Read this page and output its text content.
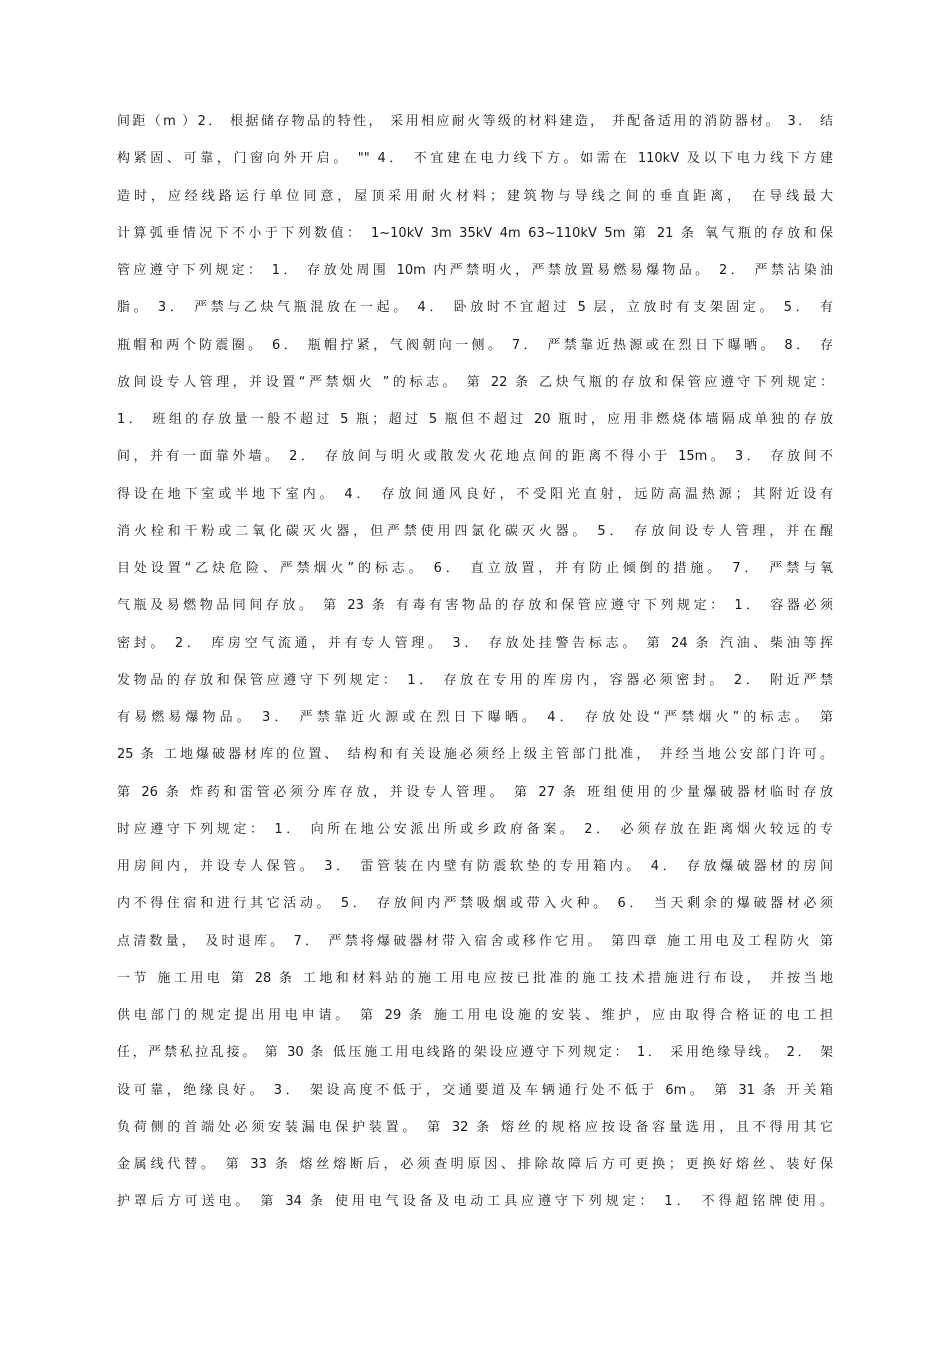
间距（m ）2． 根据储存物品的特性， 采用相应耐火等级的材料建造， 并配备适用的消防器材。 3． 结
构紧固、可靠，门窗向外开启。 "" 4． 不宜建在电力线下方。如需在 110kV 及以下电力线下方建
造时，应经线路运行单位同意，屋顶采用耐火材料；建筑物与导线之间的垂直距离， 在导线最大
计算弧垂情况下不小于下列数值： 1~10kV 3m 35kV 4m 63~110kV 5m 第 21 条 氧气瓶的存放和保
管应遵守下列规定： 1． 存放处周围 10m 内严禁明火，严禁放置易燃易爆物品。 2． 严禁沾染油
脂。 3． 严禁与乙炔气瓶混放在一起。 4． 卧放时不宜超过 5 层，立放时有支架固定。 5． 有
瓶帽和两个防震圈。 6． 瓶帽拧紧，气阀朝向一侧。 7． 严禁靠近热源或在烈日下曝晒。 8． 存
放间设专人管理，并设置“严禁烟火 ”的标志。 第 22 条 乙炔气瓶的存放和保管应遵守下列规定：
1． 班组的存放量一般不超过 5 瓶；超过 5 瓶但不超过 20 瓶时，应用非燃烧体墙隔成单独的存放
间，并有一面靠外墙。 2． 存放间与明火或散发火花地点间的距离不得小于 15m。 3． 存放间不
得设在地下室或半地下室内。 4． 存放间通风良好，不受阳光直射，远防高温热源；其附近设有
消火栓和干粉或二氧化碳灭火器，但严禁使用四氯化碳灭火器。 5． 存放间设专人管理，并在醒
目处设置“乙炔危险、严禁烟火”的标志。 6． 直立放置，并有防止倾倒的措施。 7． 严禁与氧
气瓶及易燃物品同间存放。 第 23 条 有毒有害物品的存放和保管应遵守下列规定： 1． 容器必须
密封。 2． 库房空气流通，并有专人管理。 3． 存放处挂警告标志。 第 24 条 汽油、柴油等挥
发物品的存放和保管应遵守下列规定： 1． 存放在专用的库房内，容器必须密封。 2． 附近严禁
有易燃易爆物品。 3． 严禁靠近火源或在烈日下曝晒。 4． 存放处设“严禁烟火”的标志。 第
25 条 工地爆破器材库的位置、 结构和有关设施必须经上级主管部门批准， 并经当地公安部门许可。
第 26 条 炸药和雷管必须分库存放，并设专人管理。 第 27 条 班组使用的少量爆破器材临时存放
时应遵守下列规定： 1． 向所在地公安派出所或乡政府备案。 2． 必须存放在距离烟火较远的专
用房间内，并设专人保管。 3． 雷管装在内壁有防震软垫的专用箱内。 4． 存放爆破器材的房间
内不得住宿和进行其它活动。 5． 存放间内严禁吸烟或带入火种。 6． 当天剩余的爆破器材必须
点清数量， 及时退库。 7． 严禁将爆破器材带入宿舍或移作它用。 第四章 施工用电及工程防火 第
一节 施工用电 第 28 条 工地和材料站的施工用电应按已批准的施工技术措施进行布设， 并按当地
供电部门的规定提出用电申请。 第 29 条 施工用电设施的安装、维护，应由取得合格证的电工担
任，严禁私拉乱接。 第 30 条 低压施工用电线路的架设应遵守下列规定： 1． 采用绝缘导线。 2． 架
设可靠，绝缘良好。 3． 架设高度不低于，交通要道及车辆通行处不低于 6m。 第 31 条 开关箱
负荷侧的首端处必须安装漏电保护装置。 第 32 条 熔丝的规格应按设备容量选用，且不得用其它
金属线代替。 第 33 条 熔丝熔断后，必须查明原因、排除故障后方可更换；更换好熔丝、装好保
护罩后方可送电。 第 34 条 使用电气设备及电动工具应遵守下列规定： 1． 不得超铭牌使用。
